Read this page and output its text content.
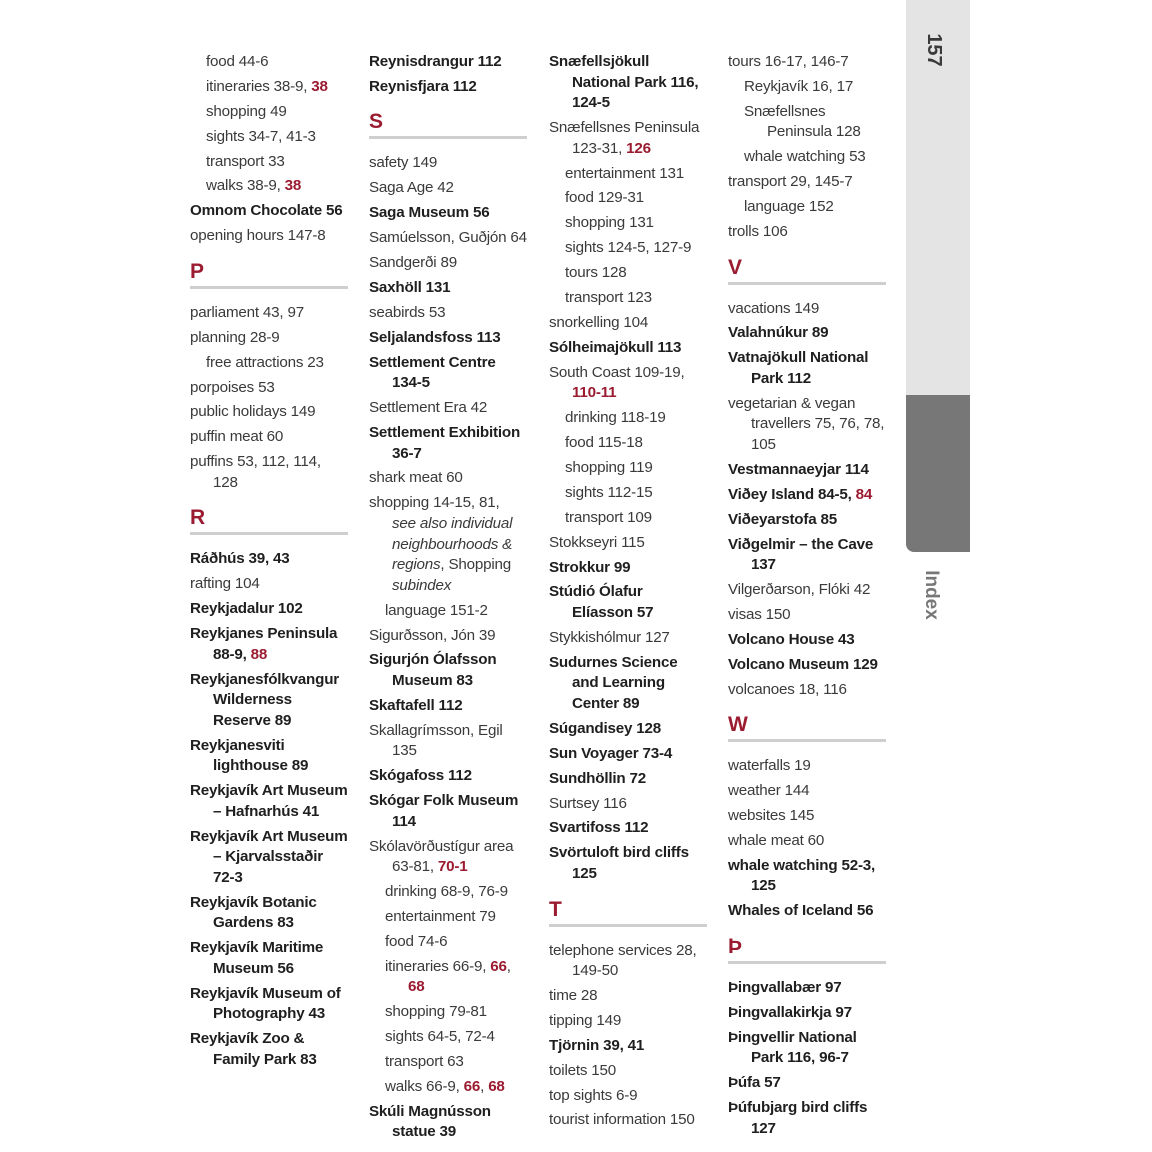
157
Index
food 44-6
itineraries 38-9, 38
shopping 49
sights 34-7, 41-3
transport 33
walks 38-9, 38
Omnom Chocolate 56
opening hours 147-8
P
parliament 43, 97
planning 28-9
free attractions 23
porpoises 53
public holidays 149
puffin meat 60
puffins 53, 112, 114, 128
R
Ráðhús 39, 43
rafting 104
Reykjadalur 102
Reykjanes Peninsula 88-9, 88
Reykjanesfólkvangur Wilderness Reserve 89
Reykjanesviti lighthouse 89
Reykjavík Art Museum – Hafnarhús 41
Reykjavík Art Museum – Kjarvalsstaðir 72-3
Reykjavík Botanic Gardens 83
Reykjavík Maritime Museum 56
Reykjavík Museum of Photography 43
Reykjavík Zoo & Family Park 83
Reynisdrangur 112
Reynisfjara 112
S
safety 149
Saga Age 42
Saga Museum 56
Samúelsson, Guðjón 64
Sandgerði 89
Saxhöll 131
seabirds 53
Seljalandsfoss 113
Settlement Centre 134-5
Settlement Era 42
Settlement Exhibition 36-7
shark meat 60
shopping 14-15, 81, see also individual neighbourhoods & regions, Shopping subindex
language 151-2
Sigurðsson, Jón 39
Sigurjón Ólafsson Museum 83
Skaftafell 112
Skallagrímsson, Egil 135
Skógafoss 112
Skógar Folk Museum 114
Skólavörðustígur area 63-81, 70-1
drinking 68-9, 76-9
entertainment 79
food 74-6
itineraries 66-9, 66, 68
shopping 79-81
sights 64-5, 72-4
transport 63
walks 66-9, 66, 68
Skúli Magnússon statue 39
Snæfellsjökull National Park 116, 124-5
Snæfellsnes Peninsula 123-31, 126
entertainment 131
food 129-31
shopping 131
sights 124-5, 127-9
tours 128
transport 123
snorkelling 104
Sólheimajökull 113
South Coast 109-19, 110-11
drinking 118-19
food 115-18
shopping 119
sights 112-15
transport 109
Stokkseyri 115
Strokkur 99
Stúdió Ólafur Elíasson 57
Stykkishólmur 127
Sudurnes Science and Learning Center 89
Súgandisey 128
Sun Voyager 73-4
Sundhöllin 72
Surtsey 116
Svartifoss 112
Svörtuloft bird cliffs 125
T
telephone services 28, 149-50
time 28
tipping 149
Tjörnin 39, 41
toilets 150
top sights 6-9
tourist information 150
tours 16-17, 146-7
Reykjavík 16, 17
Snæfellsnes Peninsula 128
whale watching 53
transport 29, 145-7
language 152
trolls 106
V
vacations 149
Valahnúkur 89
Vatnajökull National Park 112
vegetarian & vegan travellers 75, 76, 78, 105
Vestmannaeyjar 114
Viðey Island 84-5, 84
Viðeyarstofa 85
Viðgelmir – the Cave 137
Vilgerðarson, Flóki 42
visas 150
Volcano House 43
Volcano Museum 129
volcanoes 18, 116
W
waterfalls 19
weather 144
websites 145
whale meat 60
whale watching 52-3, 125
Whales of Iceland 56
Þ
Þingvallabær 97
Þingvallakirkja 97
Þingvellir National Park 116, 96-7
Þúfa 57
Þúfubjarg bird cliffs 127
